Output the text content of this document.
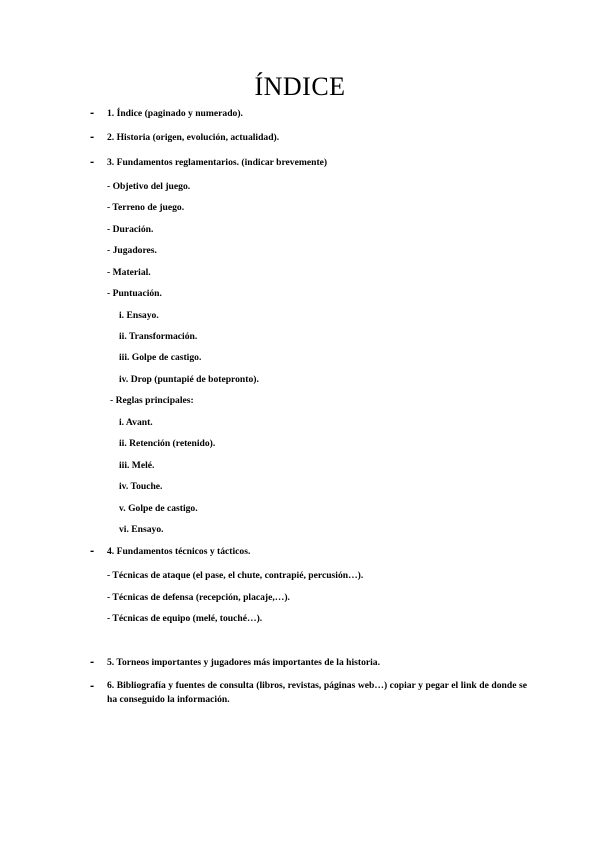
ÍNDICE
- 1. Índice (paginado y numerado).
- 2. Historia (origen, evolución, actualidad).
- 3. Fundamentos reglamentarios. (indicar brevemente)
- Objetivo del juego.
- Terreno de juego.
- Duración.
- Jugadores.
- Material.
- Puntuación.
i. Ensayo.
ii. Transformación.
iii. Golpe de castigo.
iv. Drop (puntapié de botepronto).
- Reglas principales:
i. Avant.
ii. Retención (retenido).
iii. Melé.
iv. Touche.
v. Golpe de castigo.
vi. Ensayo.
- 4. Fundamentos técnicos y tácticos.
- Técnicas de ataque (el pase, el chute, contrapié, percusión…).
- Técnicas de defensa (recepción, placaje,…).
- Técnicas de equipo (melé, touché…).
- 5. Torneos importantes y jugadores más importantes de la historia.
- 6. Bibliografía y fuentes de consulta (libros, revistas, páginas web…) copiar y pegar el link de donde se ha conseguido la información.
